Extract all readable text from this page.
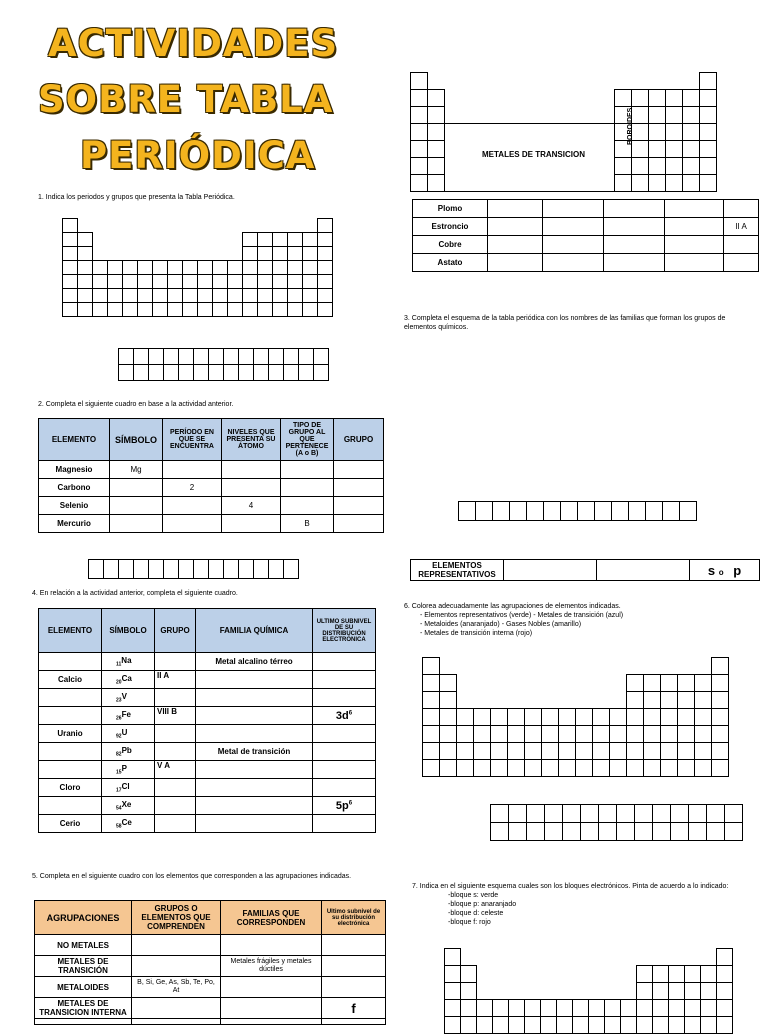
ACTIVIDADES
SOBRE TABLA
PERIÓDICA
1. Indica los periodos y grupos que presenta la Tabla Periódica.
2. Completa el siguiente cuadro en base a la actividad anterior.
3. Completa el esquema de la tabla periódica con los nombres de las familias que forman los grupos de elementos químicos.
4. En relación a la actividad anterior, completa el siguiente cuadro.
5. Completa en el siguiente cuadro con los elementos que corresponden a las agrupaciones indicadas.
6. Colorea adecuadamente las agrupaciones de elementos indicadas.
- Elementos representativos (verde) - Metales de transición (azul)
- Metaloides (anaranjado) - Gases Nobles (amarillo)
- Metales de transición interna (rojo)
7. Indica en el siguiente esquema cuales son los bloques electrónicos. Pinta de acuerdo a lo indicado:
-bloque s: verde
-bloque p: anaranjado
-bloque d: celeste
-bloque f: rojo
METALES DE TRANSICION
BOROIDES
Plomo					
Estroncio					II A
Cobre					
Astato					
ELEMENTOS REPRESENTATIVOS			s o p
ELEMENTO	SÍMBOLO	PERÍODO EN QUE SE ENCUENTRA	NIVELES QUE PRESENTA SU ÁTOMO	TIPO DE GRUPO AL QUE PERTENECE (A o B)	GRUPO
Magnesio	Mg				
Carbono		2			
Selenio			4		
Mercurio				B	
ELEMENTO	SÍMBOLO	GRUPO	FAMILIA QUÍMICA	ULTIMO SUBNIVEL DE SU DISTRIBUCIÓN ELECTRÓNICA
	$_{11}$Na		Metal alcalino térreo	
Calcio	$_{20}$Ca	II A		
	$_{23}$V			
	$_{26}$Fe	VIII B		$3d^6$
Uranio	$_{92}$U			
	$_{82}$Pb		Metal de transición	
	$_{15}$P	V A		
Cloro	$_{17}$Cl			
	$_{54}$Xe			$5p^6$
Cerio	$_{58}$Ce			
AGRUPACIONES	GRUPOS O ELEMENTOS QUE COMPRENDEN	FAMILIAS QUE CORRESPONDEN	Ultimo subnivel de su distribución electrónica
NO METALES			
METALES DE TRANSICIÓN		Metales frágiles y metales dúctiles	
METALOIDES	B, Si, Ge, As, Sb, Te, Po, At		
METALES DE TRANSICION INTERNA			f
